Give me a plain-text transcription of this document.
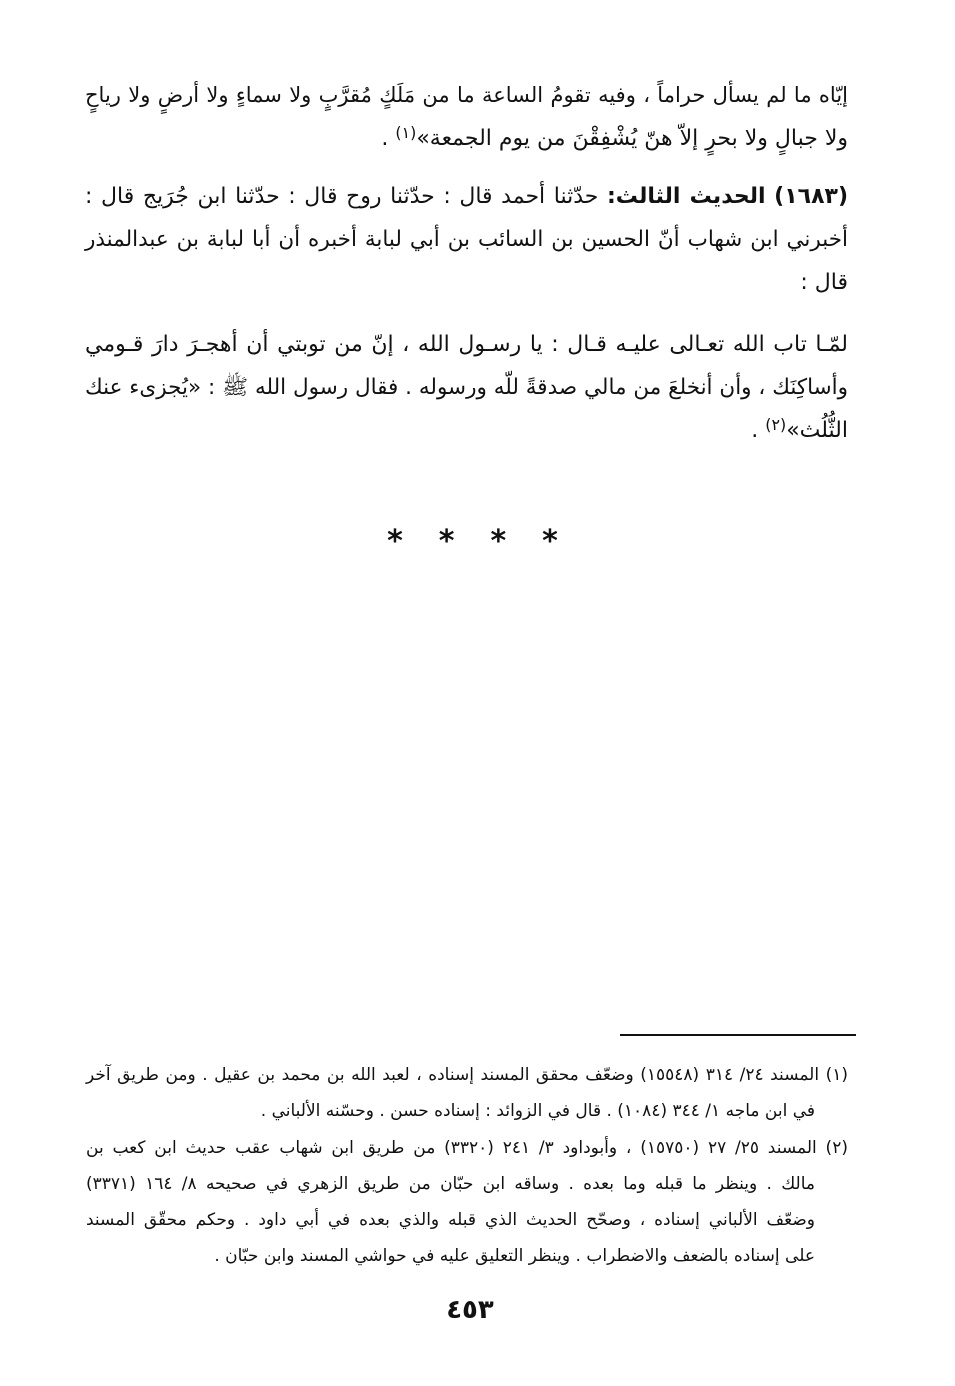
إيّاه ما لم يسأل حراماً ، وفيه تقومُ الساعة ما من مَلَكٍ مُقرَّبٍ ولا سماءٍ ولا أرضٍ ولا رياحٍ
ولا جبالٍ ولا بحرٍ إلاّ هنّ يُشْفِقْنَ من يوم الجمعة»$^{(١)}$ .
(١٦٨٣) الحديث الثالث: حدّثنا أحمد قال : حدّثنا روح قال : حدّثنا ابن جُرَيج قال :
أخبرني ابن شهاب أنّ الحسين بن السائب بن أبي لبابة أخبره أن أبا لبابة بن عبدالمنذر
قال :
لمّـا تاب الله تعـالى عليـه قـال : يا رسـول الله ، إنّ من توبتي أن أهجـرَ دارَ قـومي
وأساكِنَك ، وأن أنخلعَ من مالي صدقةً للّه ورسوله . فقال رسول الله ﷺ : «يُجزىء عنك
الثُّلُث»$^{(٢)}$ .
* * * *
(١) المسند ٢٤/ ٣١٤ (١٥٥٤٨) وضعّف محقق المسند إسناده ، لعبد الله بن محمد بن عقيل . ومن طريق آخر
في ابن ماجه ١/ ٣٤٤ (١٠٨٤) . قال في الزوائد : إسناده حسن . وحسّنه الألباني .
(٢) المسند ٢٥/ ٢٧ (١٥٧٥٠) ، وأبوداود ٣/ ٢٤١ (٣٣٢٠) من طريق ابن شهاب عقب حديث ابن كعب بن
مالك . وينظر ما قبله وما بعده . وساقه ابن حبّان من طريق الزهري في صحيحه ٨/ ١٦٤ (٣٣٧١)
وضعّف الألباني إسناده ، وصحّح الحديث الذي قبله والذي بعده في أبي داود . وحكم محقّق المسند
على إسناده بالضعف والاضطراب . وينظر التعليق عليه في حواشي المسند وابن حبّان .
٤٥٣
